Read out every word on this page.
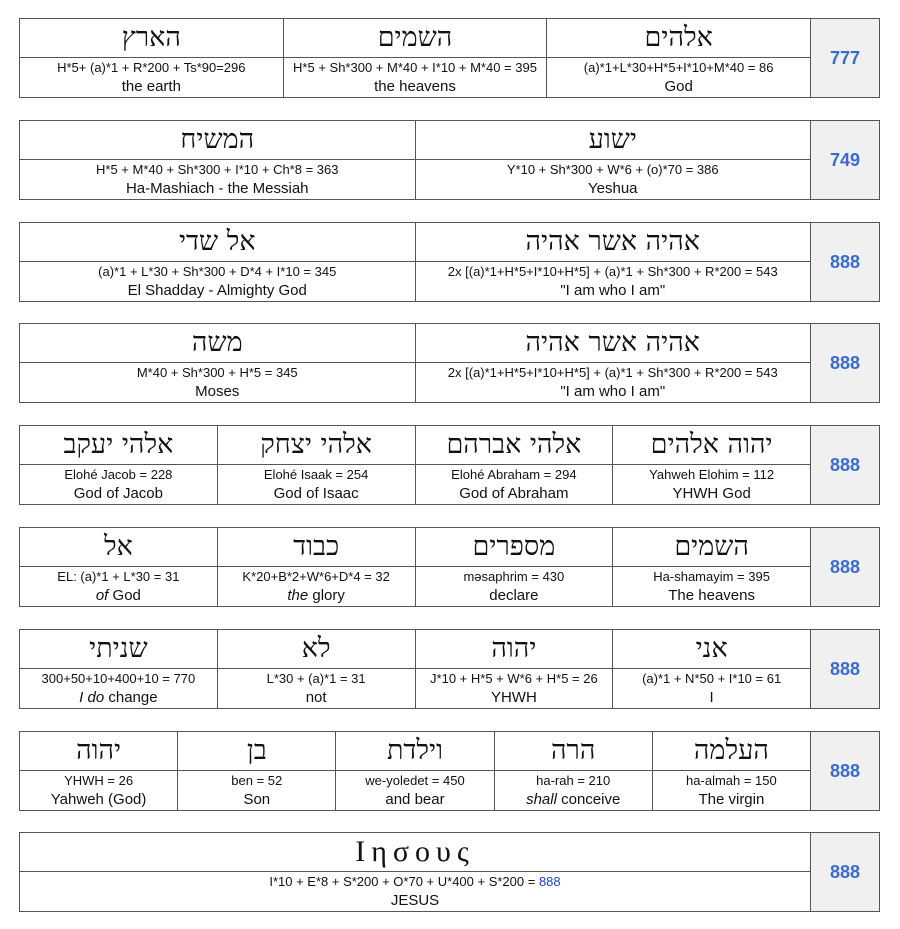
אלהים
(a)*1+L*30+H*5+I*10+M*40 = 86
God
השמים
H*5 + Sh*300 + M*40 + I*10 + M*40 = 395
the heavens
הארץ
H*5+ (a)*1 + R*200 + Ts*90=296
the earth
777
ישוע
Y*10 + Sh*300 + W*6 + (o)*70 = 386
Yeshua
המשיח
H*5 + M*40 + Sh*300 + I*10 + Ch*8 = 363
Ha-Mashiach - the Messiah
749
אהיה אשר אהיה
2x [(a)*1+H*5+I*10+H*5] + (a)*1 + Sh*300 + R*200 = 543
"I am who I am"
אל שדי
(a)*1 + L*30 + Sh*300 + D*4 + I*10 = 345
El Shadday - Almighty God
888
אהיה אשר אהיה
2x [(a)*1+H*5+I*10+H*5] + (a)*1 + Sh*300 + R*200 = 543
"I am who I am"
משה
M*40 + Sh*300 + H*5 = 345
Moses
888
יהוה אלהים
Yahweh Elohim = 112
YHWH God
אלהי אברהם
Elohé Abraham = 294
God of Abraham
אלהי יצחק
Elohé Isaak = 254
God of Isaac
אלהי יעקב
Elohé Jacob = 228
God of Jacob
888
השמים
Ha-shamayim = 395
The heavens
מספרים
məsaphrim = 430
declare
כבוד
K*20+B*2+W*6+D*4 = 32
the glory
אל
EL: (a)*1 + L*30 = 31
of God
888
אני
(a)*1 + N*50 + I*10 = 61
I
יהוה
J*10 + H*5 + W*6 + H*5 = 26
YHWH
לא
L*30 + (a)*1 = 31
not
שניתי
300+50+10+400+10 = 770
I do change
888
העלמה
ha-almah = 150
The virgin
הרה
ha-rah = 210
shall conceive
וילדת
we-yoledet = 450
and bear
בן
ben = 52
Son
יהוה
YHWH = 26
Yahweh (God)
888
Ιησους
I*10 + E*8 + S*200 + O*70 + U*400 + S*200 = 888
JESUS
888
